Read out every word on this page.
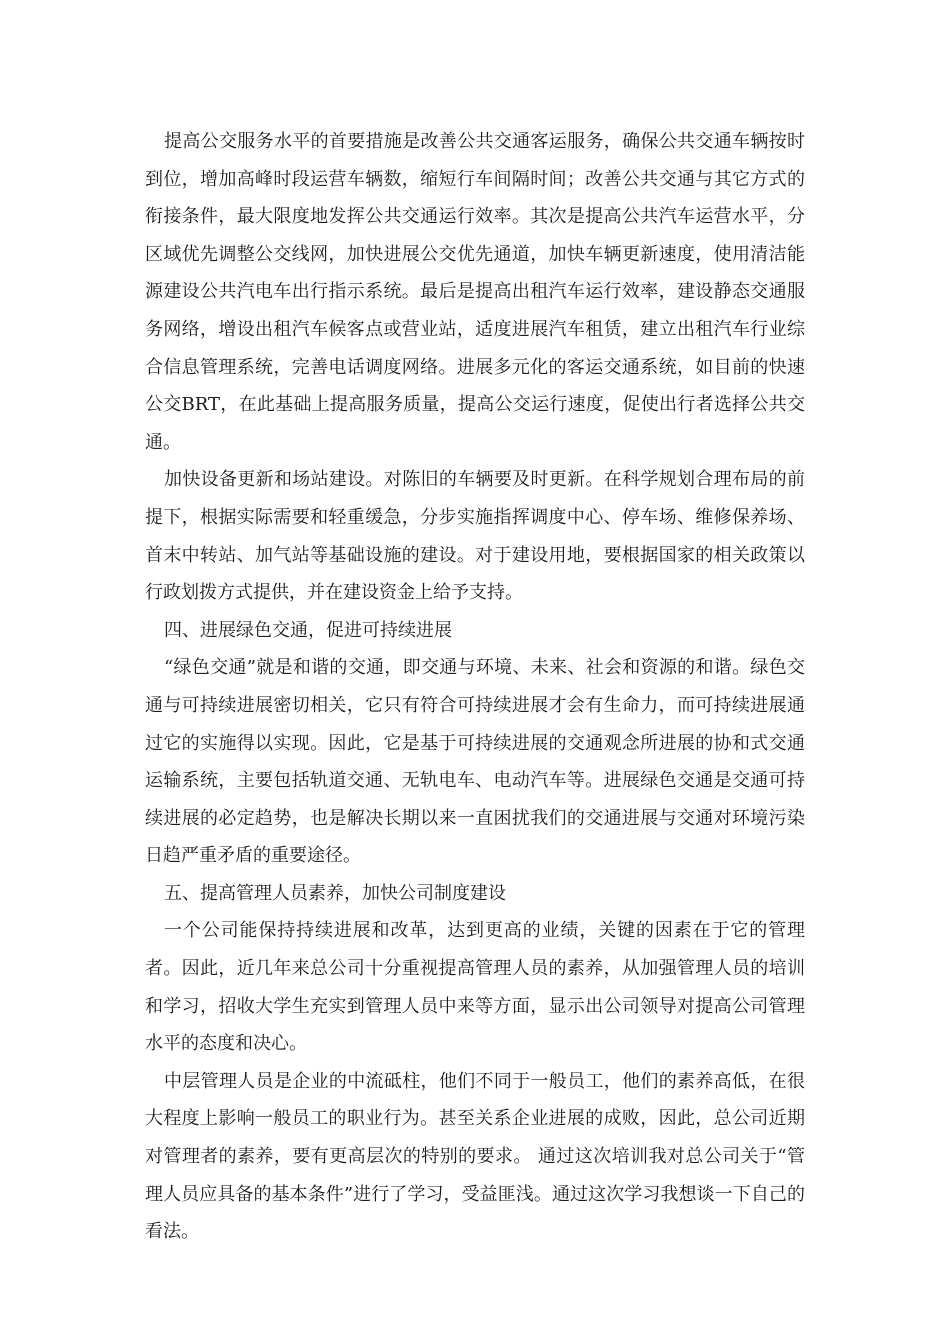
提高公交服务水平的首要措施是改善公共交通客运服务，确保公共交通车辆按时到位，增加高峰时段运营车辆数，缩短行车间隔时间；改善公共交通与其它方式的衔接条件，最大限度地发挥公共交通运行效率。其次是提高公共汽车运营水平，分区域优先调整公交线网，加快进展公交优先通道，加快车辆更新速度，使用清洁能源建设公共汽电车出行指示系统。最后是提高出租汽车运行效率，建设静态交通服务网络，增设出租汽车候客点或营业站，适度进展汽车租赁，建立出租汽车行业综合信息管理系统，完善电话调度网络。进展多元化的客运交通系统，如目前的快速公交BRT，在此基础上提高服务质量，提高公交运行速度，促使出行者选择公共交通。

加快设备更新和场站建设。对陈旧的车辆要及时更新。在科学规划合理布局的前提下，根据实际需要和轻重缓急，分步实施指挥调度中心、停车场、维修保养场、首末中转站、加气站等基础设施的建设。对于建设用地，要根据国家的相关政策以行政划拨方式提供，并在建设资金上给予支持。

四、进展绿色交通，促进可持续进展

“绿色交通”就是和谐的交通，即交通与环境、未来、社会和资源的和谐。绿色交通与可持续进展密切相关，它只有符合可持续进展才会有生命力，而可持续进展通过它的实施得以实现。因此，它是基于可持续进展的交通观念所进展的协和式交通运输系统，主要包括轨道交通、无轨电车、电动汽车等。进展绿色交通是交通可持续进展的必定趋势，也是解决长期以来一直困扰我们的交通进展与交通对环境污染日趋严重矛盾的重要途径。

五、提高管理人员素养，加快公司制度建设

一个公司能保持持续进展和改革，达到更高的业绩，关键的因素在于它的管理者。因此，近几年来总公司十分重视提高管理人员的素养，从加强管理人员的培训和学习，招收大学生充实到管理人员中来等方面，显示出公司领导对提高公司管理水平的态度和决心。

中层管理人员是企业的中流砥柱，他们不同于一般员工，他们的素养高低，在很大程度上影响一般员工的职业行为。甚至关系企业进展的成败，因此，总公司近期对管理者的素养，要有更高层次的特别的要求。 通过这次培训我对总公司关于“管理人员应具备的基本条件”进行了学习，受益匪浅。通过这次学习我想谈一下自己的看法。
